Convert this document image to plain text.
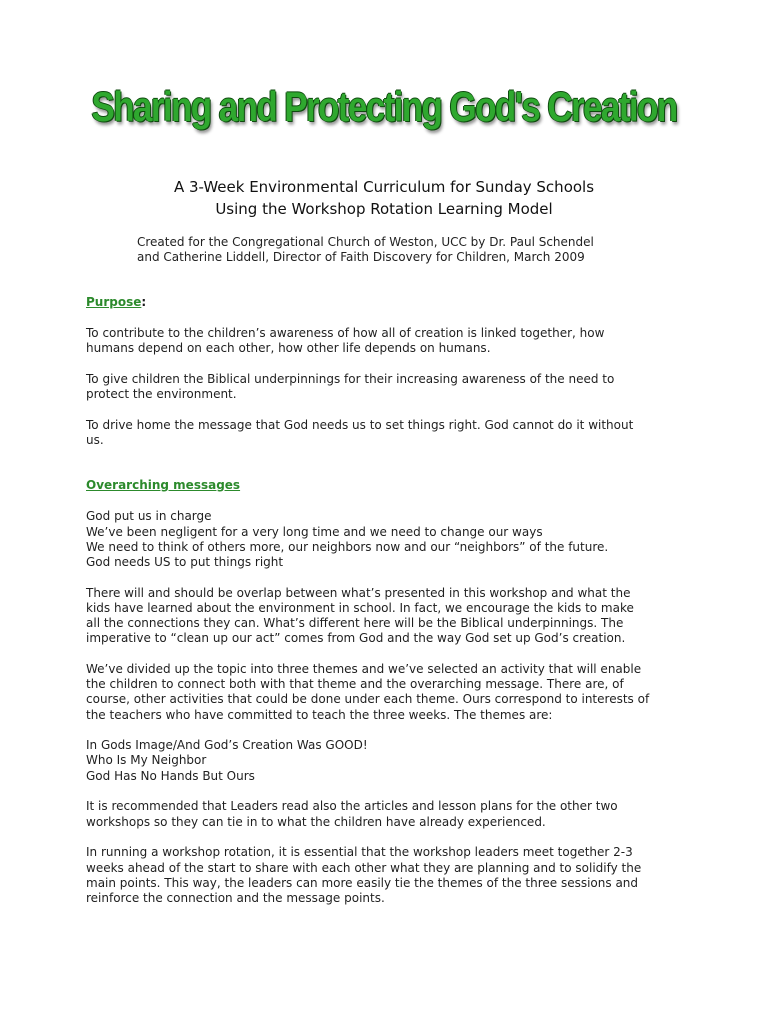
Sharing and Protecting God's Creation
A 3-Week Environmental Curriculum for Sunday Schools
Using the Workshop Rotation Learning Model
Created for the Congregational Church of Weston, UCC by Dr. Paul Schendel
and Catherine Liddell, Director of Faith Discovery for Children, March 2009
Purpose:
To contribute to the children’s awareness of how all of creation is linked together, how
humans depend on each other, how other life depends on humans.
To give children the Biblical underpinnings for their increasing awareness of the need to
protect the environment.
To drive home the message that God needs us to set things right. God cannot do it without
us.
Overarching messages
God put us in charge
We’ve been negligent for a very long time and we need to change our ways
We need to think of others more, our neighbors now and our “neighbors” of the future.
God needs US to put things right
There will and should be overlap between what’s presented in this workshop and what the
kids have learned about the environment in school. In fact, we encourage the kids to make
all the connections they can. What’s different here will be the Biblical underpinnings. The
imperative to “clean up our act” comes from God and the way God set up God’s creation.
We’ve divided up the topic into three themes and we’ve selected an activity that will enable
the children to connect both with that theme and the overarching message. There are, of
course, other activities that could be done under each theme. Ours correspond to interests of
the teachers who have committed to teach the three weeks. The themes are:
In Gods Image/And God’s Creation Was GOOD!
Who Is My Neighbor
God Has No Hands But Ours
It is recommended that Leaders read also the articles and lesson plans for the other two
workshops so they can tie in to what the children have already experienced.
In running a workshop rotation, it is essential that the workshop leaders meet together 2-3
weeks ahead of the start to share with each other what they are planning and to solidify the
main points. This way, the leaders can more easily tie the themes of the three sessions and
reinforce the connection and the message points.
